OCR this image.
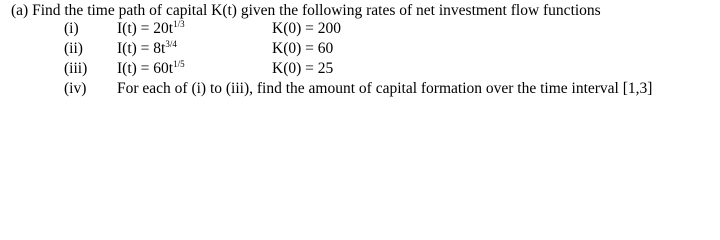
(a) Find the time path of capital K(t) given the following rates of net investment flow functions
(i) $I(t) = 20t^{1/3}$	K(0) = 200
(ii) $I(t) = 8t^{3/4}$	K(0) = 60
(iii) $I(t) = 60t^{1/5}$	K(0) = 25
(iv) For each of (i) to (iii), find the amount of capital formation over the time interval [1,3]
